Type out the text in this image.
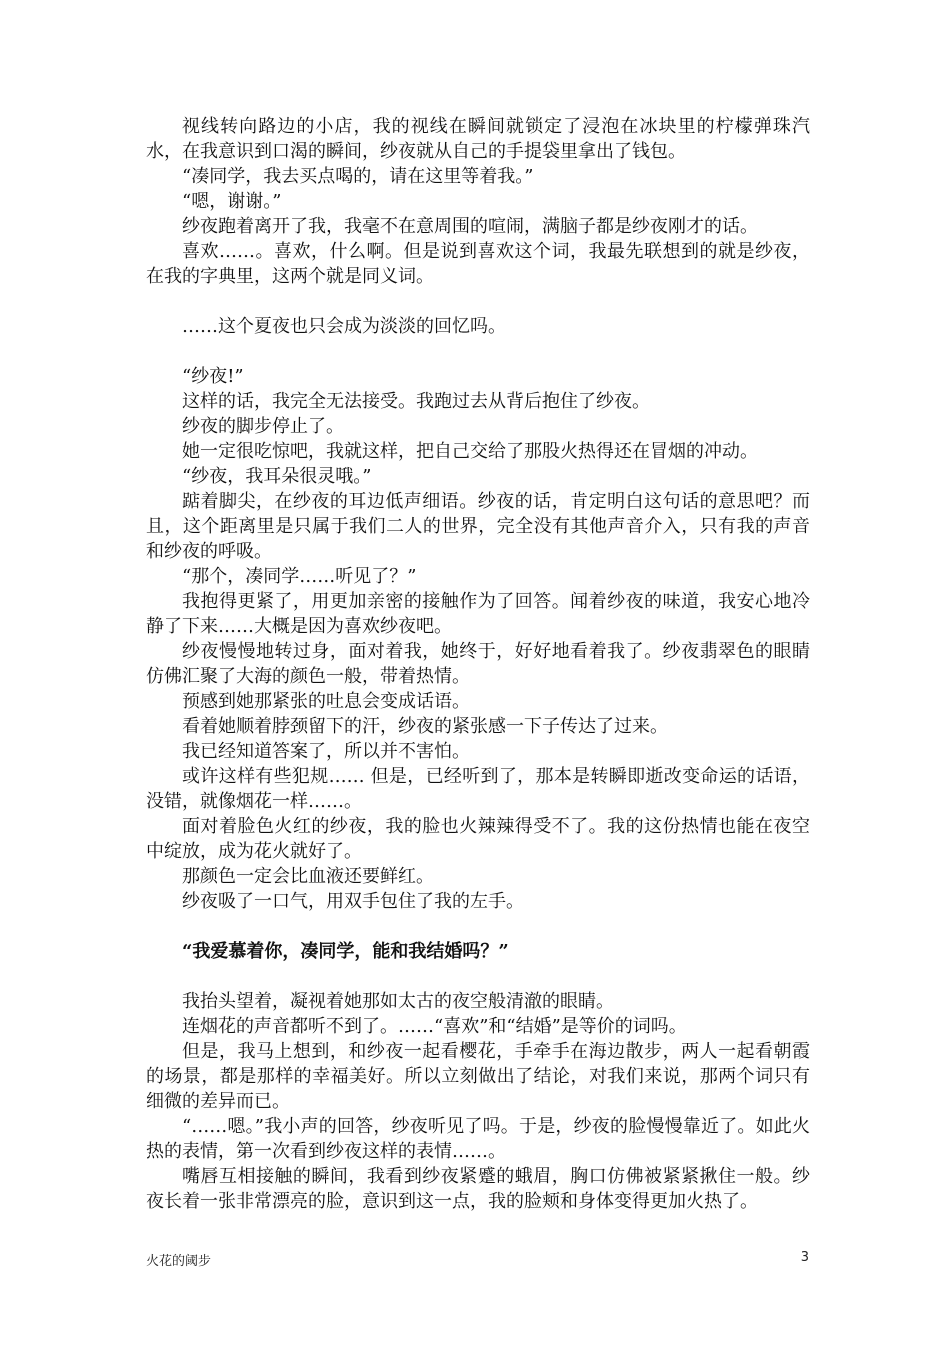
视线转向路边的小店，我的视线在瞬间就锁定了浸泡在冰块里的柠檬弹珠汽水，在我意识到口渴的瞬间，纱夜就从自己的手提袋里拿出了钱包。

“凑同学，我去买点喝的，请在这里等着我。”

“嗯，谢谢。”

纱夜跑着离开了我，我毫不在意周围的喧闹，满脑子都是纱夜刚才的话。

喜欢……。喜欢，什么啊。但是说到喜欢这个词，我最先联想到的就是纱夜，在我的字典里，这两个就是同义词。

……这个夏夜也只会成为淡淡的回忆吗。

“纱夜!”

这样的话，我完全无法接受。我跑过去从背后抱住了纱夜。

纱夜的脚步停止了。

她一定很吃惊吧，我就这样，把自己交给了那股火热得还在冒烟的冲动。

“纱夜，我耳朵很灵哦。”

踮着脚尖，在纱夜的耳边低声细语。纱夜的话，肯定明白这句话的意思吧？而且，这个距离里是只属于我们二人的世界，完全没有其他声音介入，只有我的声音和纱夜的呼吸。

“那个，凑同学……听见了？”

我抱得更紧了，用更加亲密的接触作为了回答。闻着纱夜的味道，我安心地冷静了下来……大概是因为喜欢纱夜吧。

纱夜慢慢地转过身，面对着我，她终于，好好地看着我了。纱夜翡翠色的眼睛仿佛汇聚了大海的颜色一般，带着热情。

预感到她那紧张的吐息会变成话语。

看着她顺着脖颈留下的汗，纱夜的紧张感一下子传达了过来。

我已经知道答案了，所以并不害怕。

或许这样有些犯规…… 但是，已经听到了，那本是转瞬即逝改变命运的话语，没错，就像烟花一样……。

面对着脸色火红的纱夜，我的脸也火辣辣得受不了。我的这份热情也能在夜空中绽放，成为花火就好了。

那颜色一定会比血液还要鲜红。

纱夜吸了一口气，用双手包住了我的左手。

“我爱慕着你，凑同学，能和我结婚吗？”

我抬头望着，凝视着她那如太古的夜空般清澈的眼睛。

连烟花的声音都听不到了。……“喜欢”和“结婚”是等价的词吗。

但是，我马上想到，和纱夜一起看樱花，手牵手在海边散步，两人一起看朝霞的场景，都是那样的幸福美好。所以立刻做出了结论，对我们来说，那两个词只有细微的差异而已。

“……嗯。”我小声的回答，纱夜听见了吗。于是，纱夜的脸慢慢靠近了。如此火热的表情，第一次看到纱夜这样的表情……。

嘴唇互相接触的瞬间，我看到纱夜紧蹙的蛾眉，胸口仿佛被紧紧揪住一般。纱夜长着一张非常漂亮的脸，意识到这一点，我的脸颊和身体变得更加火热了。

火花的阈步	3
